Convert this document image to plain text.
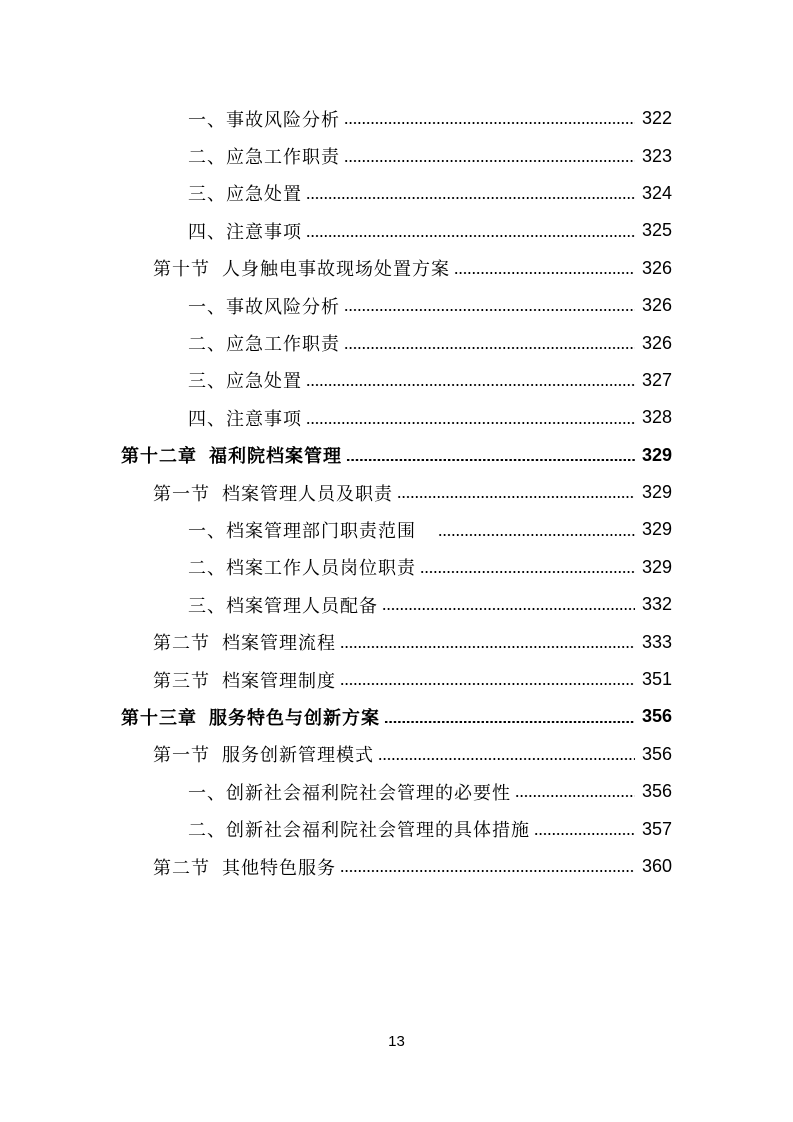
一、事故风险分析	322
二、应急工作职责	323
三、应急处置	324
四、注意事项	325
第十节 人身触电事故现场处置方案	326
一、事故风险分析	326
二、应急工作职责	326
三、应急处置	327
四、注意事项	328
第十二章 福利院档案管理	329
第一节 档案管理人员及职责	329
一、档案管理部门职责范围	329
二、档案工作人员岗位职责	329
三、档案管理人员配备	332
第二节 档案管理流程	333
第三节 档案管理制度	351
第十三章 服务特色与创新方案	356
第一节 服务创新管理模式	356
一、创新社会福利院社会管理的必要性	356
二、创新社会福利院社会管理的具体措施	357
第二节 其他特色服务	360
13
